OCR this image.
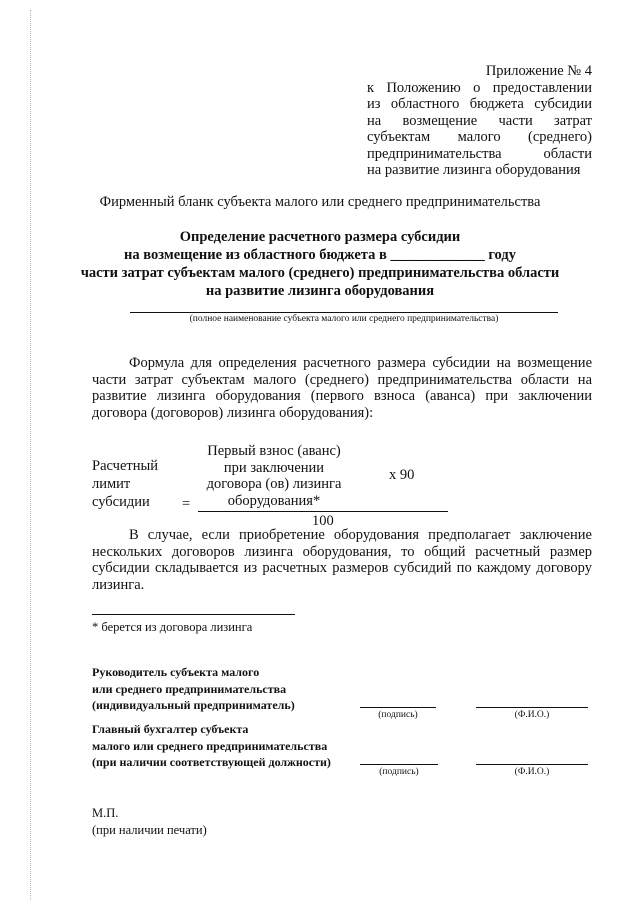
Приложение № 4
к Положению о предоставлении
из областного бюджета субсидии
на возмещение части затрат
субъектам малого (среднего)
предпринимательства области
на развитие лизинга оборудования
Фирменный бланк субъекта малого или среднего предпринимательства
Определение расчетного размера субсидии
на возмещение из областного бюджета в _____________ году
части затрат субъектам малого (среднего) предпринимательства области
на развитие лизинга оборудования
(полное наименование субъекта малого или среднего предпринимательства)
Формула для определения расчетного размера субсидии на возмещение части затрат субъектам малого (среднего) предпринимательства области на развитие лизинга оборудования (первого взноса (аванса) при заключении договора (договоров) лизинга оборудования):
Расчетный
лимит
субсидии	=
Первый взнос (аванс)
при заключении
договора (ов) лизинга
оборудования*
х 90
100
В случае, если приобретение оборудования предполагает заключение нескольких договоров лизинга оборудования, то общий расчетный размер субсидии складывается из расчетных размеров субсидий по каждому договору лизинга.
* берется из договора лизинга
Руководитель субъекта малого
или среднего предпринимательства
(индивидуальный предприниматель)
(подпись)	(Ф.И.О.)
Главный бухгалтер субъекта
малого или среднего предпринимательства
(при наличии соответствующей должности)
(подпись)	(Ф.И.О.)
М.П.
(при наличии печати)
